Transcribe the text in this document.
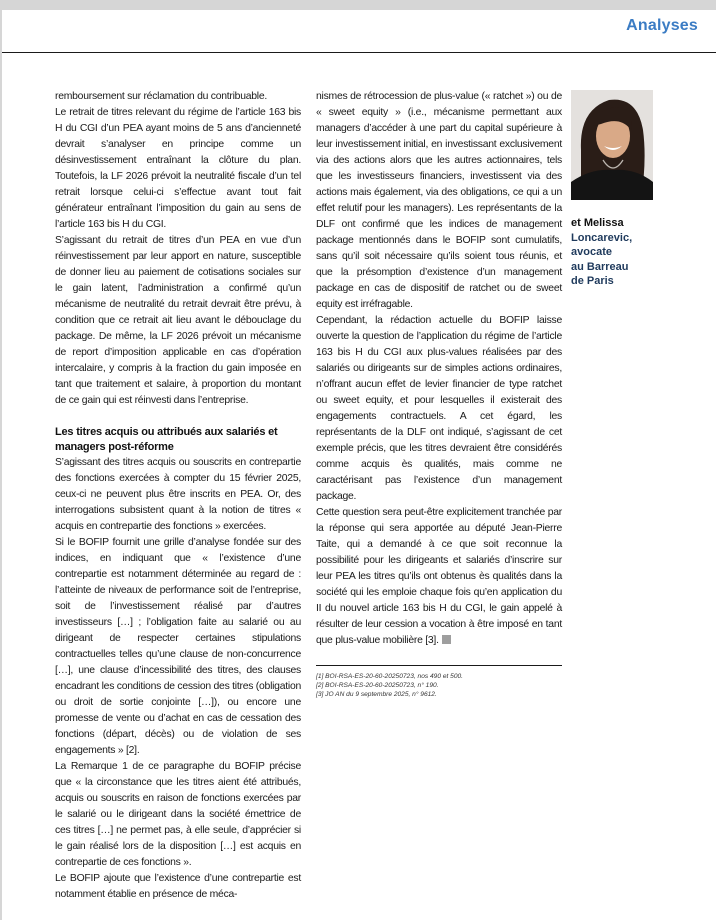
Analyses

remboursement sur réclamation du contribuable.

Le retrait de titres relevant du régime de l’article 163 bis H du CGI d’un PEA ayant moins de 5 ans d’ancienneté devrait s’analyser en principe comme un désinvestissement entraînant la clôture du plan. Toutefois, la LF 2026 prévoit la neutralité fiscale d’un tel retrait lorsque celui-ci s’effectue avant tout fait générateur entraînant l’imposition du gain au sens de l’article 163 bis H du CGI.

S’agissant du retrait de titres d’un PEA en vue d’un réinvestissement par leur apport en nature, susceptible de donner lieu au paiement de cotisations sociales sur le gain latent, l’administration a confirmé qu’un mécanisme de neutralité du retrait devrait être prévu, à condition que ce retrait ait lieu avant le débouclage du package. De même, la LF 2026 prévoit un mécanisme de report d’imposition applicable en cas d’opération intercalaire, y compris à la fraction du gain imposée en tant que traitement et salaire, à proportion du montant de ce gain qui est réinvesti dans l’entreprise.

Les titres acquis ou attribués aux salariés et managers post-réforme

S’agissant des titres acquis ou souscrits en contrepartie des fonctions exercées à compter du 15 février 2025, ceux-ci ne peuvent plus être inscrits en PEA. Or, des interrogations subsistent quant à la notion de titres « acquis en contrepartie des fonctions » exercées.

Si le BOFIP fournit une grille d’analyse fondée sur des indices, en indiquant que « l’existence d’une contrepartie est notamment déterminée au regard de : l’atteinte de niveaux de performance soit de l’entreprise, soit de l’investissement réalisé par d’autres investisseurs […] ; l’obligation faite au salarié ou au dirigeant de respecter certaines stipulations contractuelles telles qu’une clause de non-concurrence […], une clause d’incessibilité des titres, des clauses encadrant les conditions de cession des titres (obligation ou droit de sortie conjointe […]), ou encore une promesse de vente ou d’achat en cas de cessation des fonctions (départ, décès) ou de violation de ses engagements » [2].

La Remarque 1 de ce paragraphe du BOFIP précise que « la circonstance que les titres aient été attribués, acquis ou souscrits en raison de fonctions exercées par le salarié ou le dirigeant dans la société émettrice de ces titres […] ne permet pas, à elle seule, d’apprécier si le gain réalisé lors de la disposition […] est acquis en contrepartie de ces fonctions ».

Le BOFIP ajoute que l’existence d’une contrepartie est notamment établie en présence de méca-

nismes de rétrocession de plus-value (« ratchet ») ou de « sweet equity » (i.e., mécanisme permettant aux managers d’accéder à une part du capital supérieure à leur investissement initial, en investissant exclusivement via des actions alors que les autres actionnaires, tels que les investisseurs financiers, investissent via des actions mais également, via des obligations, ce qui a un effet relutif pour les managers). Les représentants de la DLF ont confirmé que les indices de management package mentionnés dans le BOFIP sont cumulatifs, sans qu’il soit nécessaire qu’ils soient tous réunis, et que la présomption d’existence d’un management package en cas de dispositif de ratchet ou de sweet equity est irréfragable.

Cependant, la rédaction actuelle du BOFIP laisse ouverte la question de l’application du régime de l’article 163 bis H du CGI aux plus-values réalisées par des salariés ou dirigeants sur de simples actions ordinaires, n’offrant aucun effet de levier financier de type ratchet ou sweet equity, et pour lesquelles il existerait des engagements contractuels. A cet égard, les représentants de la DLF ont indiqué, s’agissant de cet exemple précis, que les titres devraient être considérés comme acquis ès qualités, mais comme ne caractérisant pas l’existence d’un management package.

Cette question sera peut-être explicitement tranchée par la réponse qui sera apportée au député Jean-Pierre Taite, qui a demandé à ce que soit reconnue la possibilité pour les dirigeants et salariés d’inscrire sur leur PEA les titres qu’ils ont obtenus ès qualités dans la société qui les emploie chaque fois qu’en application du II du nouvel article 163 bis H du CGI, le gain appelé à résulter de leur cession a vocation à être imposé en tant que plus-value mobilière [3].

[1] BOI-RSA-ES-20-60-20250723, nos 490 et 500.
[2] BOI-RSA-ES-20-60-20250723, n° 190.
[3] JO AN du 9 septembre 2025, n° 9612.
et Melissa
Loncarevic,
avocate
au Barreau
de Paris
